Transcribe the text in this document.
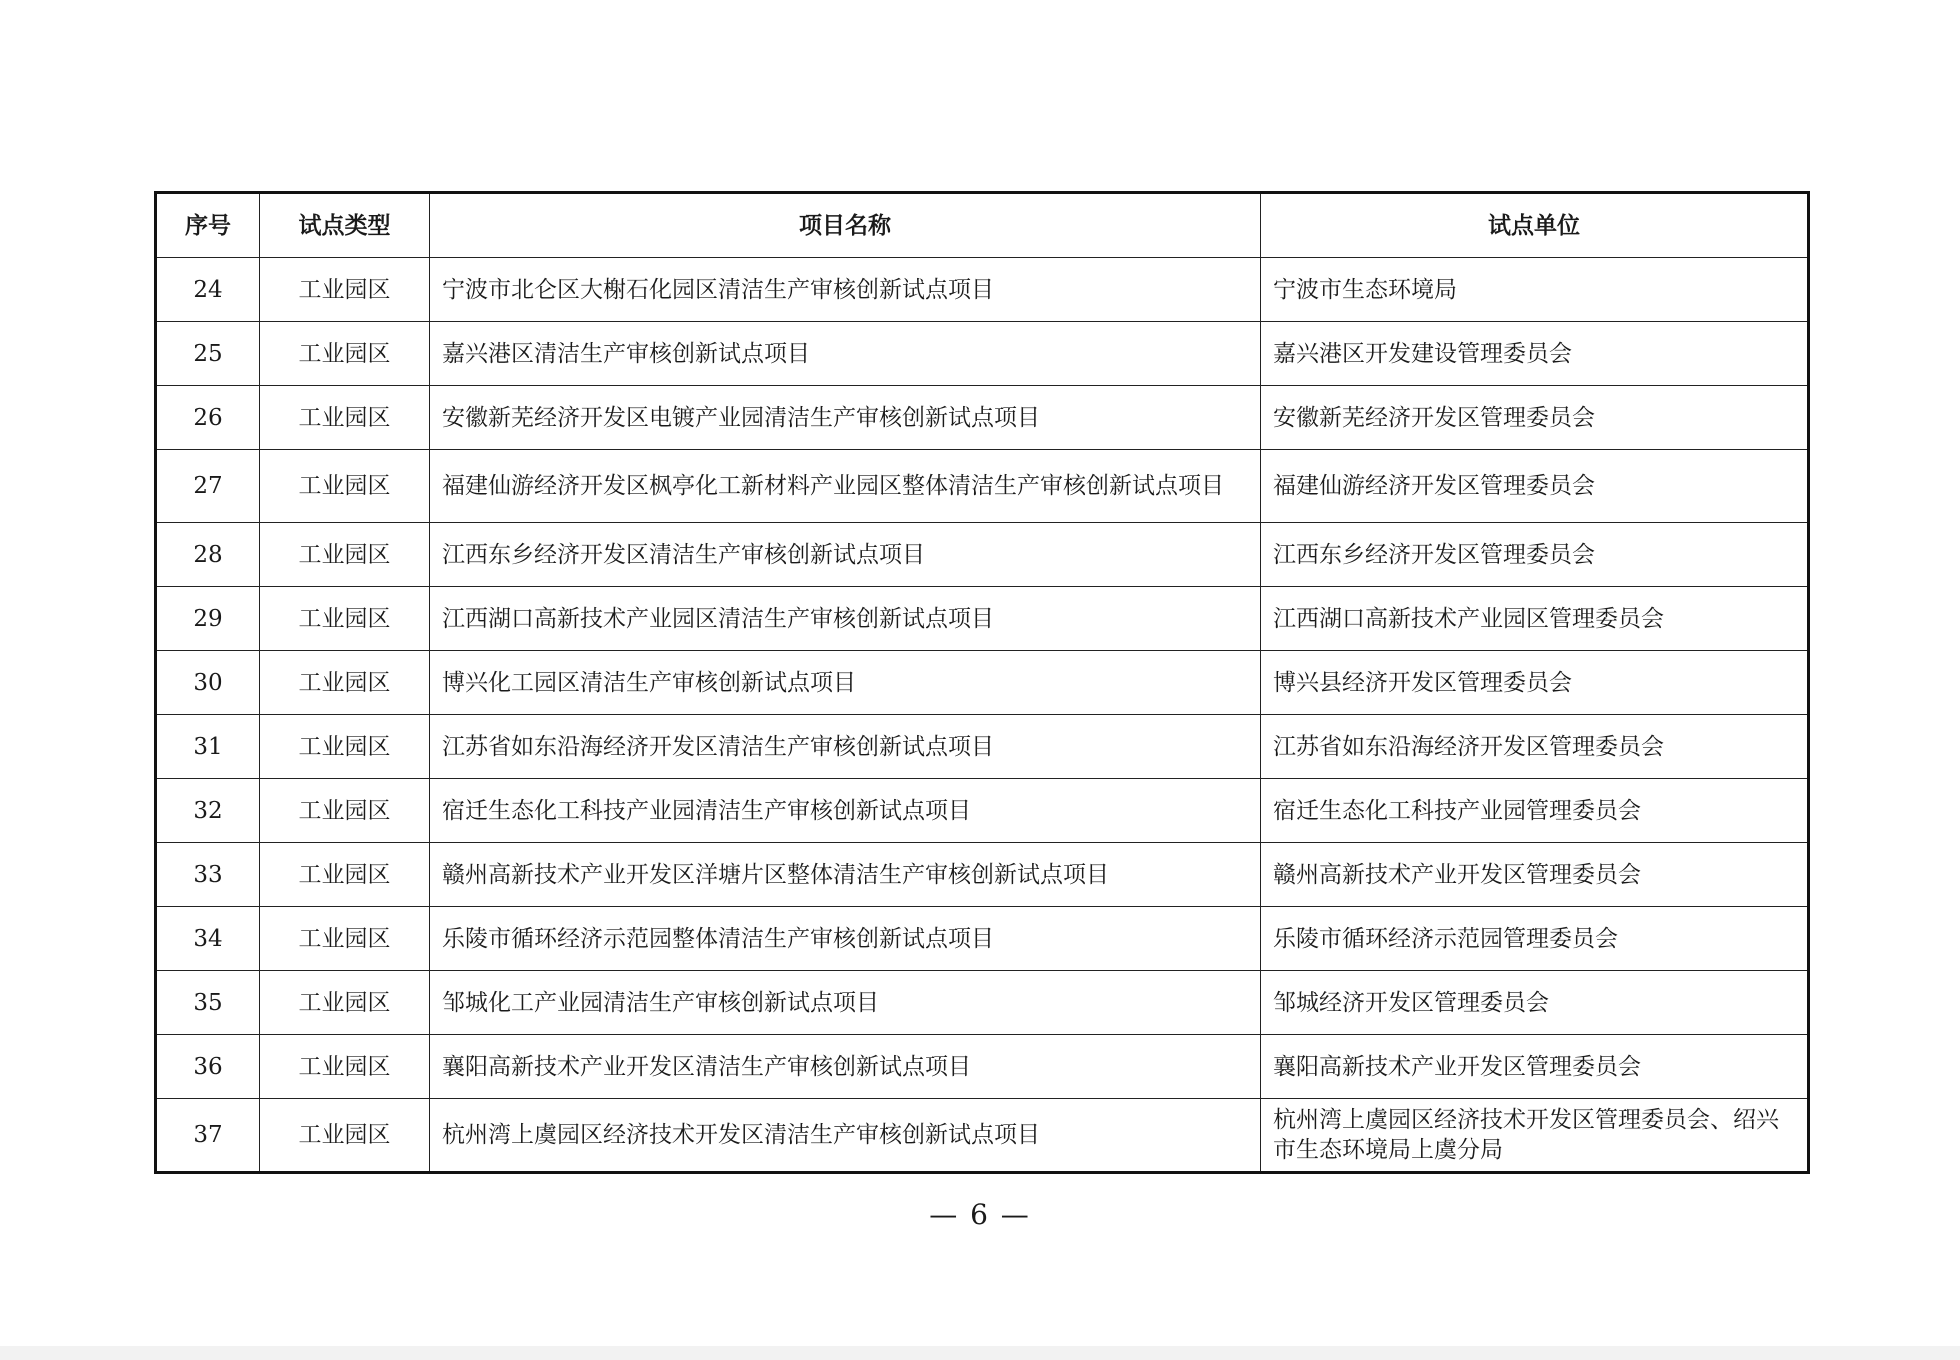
序号	试点类型	项目名称	试点单位
24	工业园区	宁波市北仑区大榭石化园区清洁生产审核创新试点项目	宁波市生态环境局
25	工业园区	嘉兴港区清洁生产审核创新试点项目	嘉兴港区开发建设管理委员会
26	工业园区	安徽新芜经济开发区电镀产业园清洁生产审核创新试点项目	安徽新芜经济开发区管理委员会
27	工业园区	福建仙游经济开发区枫亭化工新材料产业园区整体清洁生产审核创新试点项目	福建仙游经济开发区管理委员会
28	工业园区	江西东乡经济开发区清洁生产审核创新试点项目	江西东乡经济开发区管理委员会
29	工业园区	江西湖口高新技术产业园区清洁生产审核创新试点项目	江西湖口高新技术产业园区管理委员会
30	工业园区	博兴化工园区清洁生产审核创新试点项目	博兴县经济开发区管理委员会
31	工业园区	江苏省如东沿海经济开发区清洁生产审核创新试点项目	江苏省如东沿海经济开发区管理委员会
32	工业园区	宿迁生态化工科技产业园清洁生产审核创新试点项目	宿迁生态化工科技产业园管理委员会
33	工业园区	赣州高新技术产业开发区洋塘片区整体清洁生产审核创新试点项目	赣州高新技术产业开发区管理委员会
34	工业园区	乐陵市循环经济示范园整体清洁生产审核创新试点项目	乐陵市循环经济示范园管理委员会
35	工业园区	邹城化工产业园清洁生产审核创新试点项目	邹城经济开发区管理委员会
36	工业园区	襄阳高新技术产业开发区清洁生产审核创新试点项目	襄阳高新技术产业开发区管理委员会
37	工业园区	杭州湾上虞园区经济技术开发区清洁生产审核创新试点项目	杭州湾上虞园区经济技术开发区管理委员会、绍兴市生态环境局上虞分局
— 6 —
